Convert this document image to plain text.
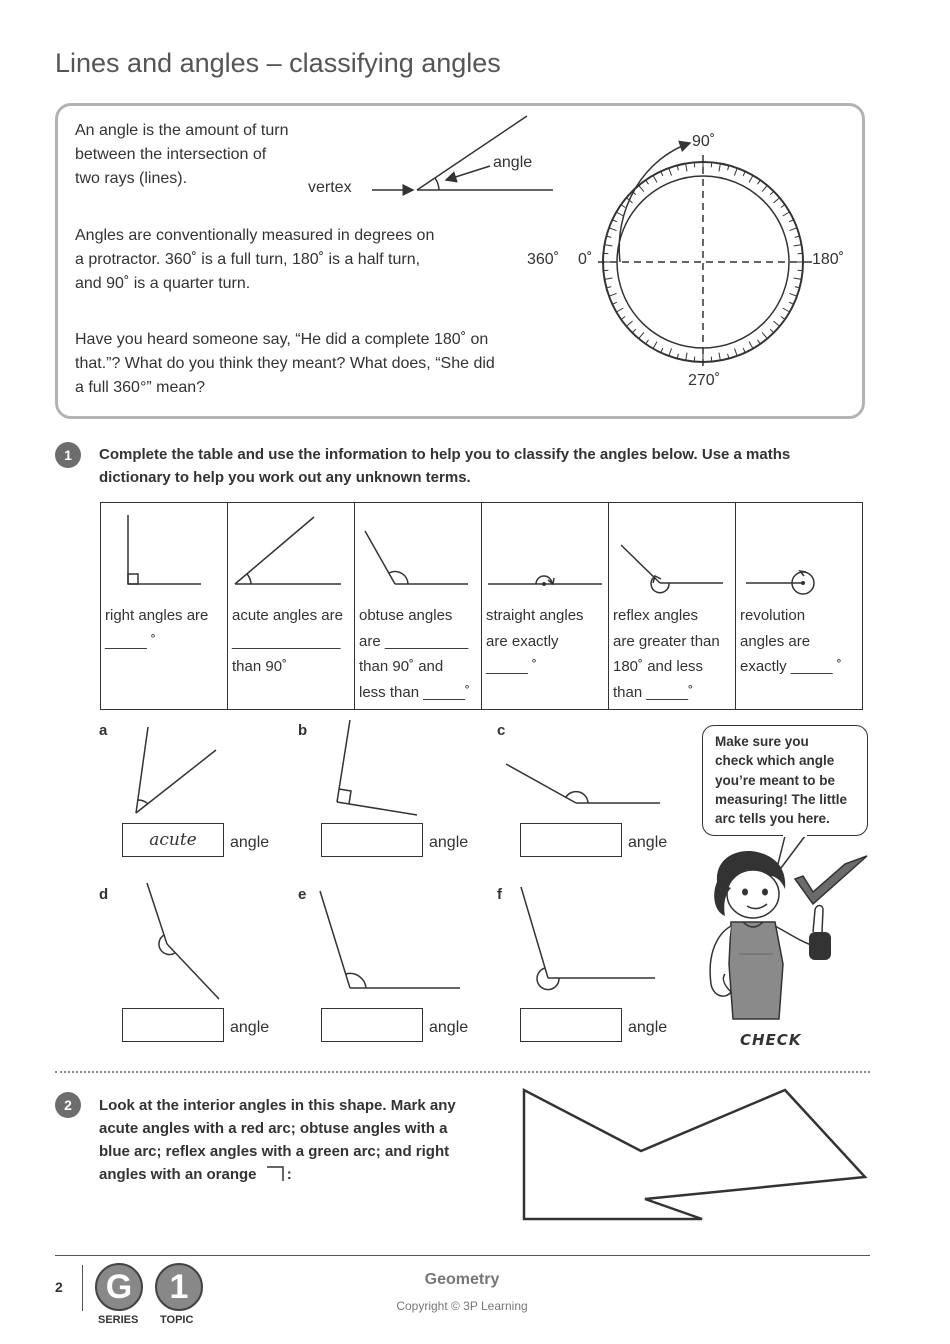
Lines and angles – classifying angles
An angle is the amount of turn
between the intersection of
two rays (lines).
vertex
angle
Angles are conventionally measured in degrees on
a protractor. 360˚ is a full turn, 180˚ is a half turn,
and 90˚ is a quarter turn.
Have you heard someone say, “He did a complete 180˚ on
that.”? What do you think they meant? What does, “She did
a full 360°” mean?
90˚
180˚
270˚
360˚ 0˚
1	Complete the table and use the information to help you to classify the angles below. Use a maths
dictionary to help you work out any unknown terms.
right angles are
_____ ˚

acute angles are
_____________
than 90˚

obtuse angles
are __________
than 90˚ and
less than _____˚

straight angles
are exactly
_____ ˚

reflex angles
are greater than
180˚ and less
than _____˚

revolution
angles are
exactly _____ ˚
a
acute	angle
b
angle
c
angle
d
angle
e
angle
f
angle
Make sure you
check which angle
you’re meant to be
measuring! The little
arc tells you here.
CHECK
2	Look at the interior angles in this shape. Mark any
acute angles with a red arc; obtuse angles with a
blue arc; reflex angles with a green arc; and right
angles with an orange :
2	G	1
SERIES TOPIC
Geometry
Copyright © 3P Learning
